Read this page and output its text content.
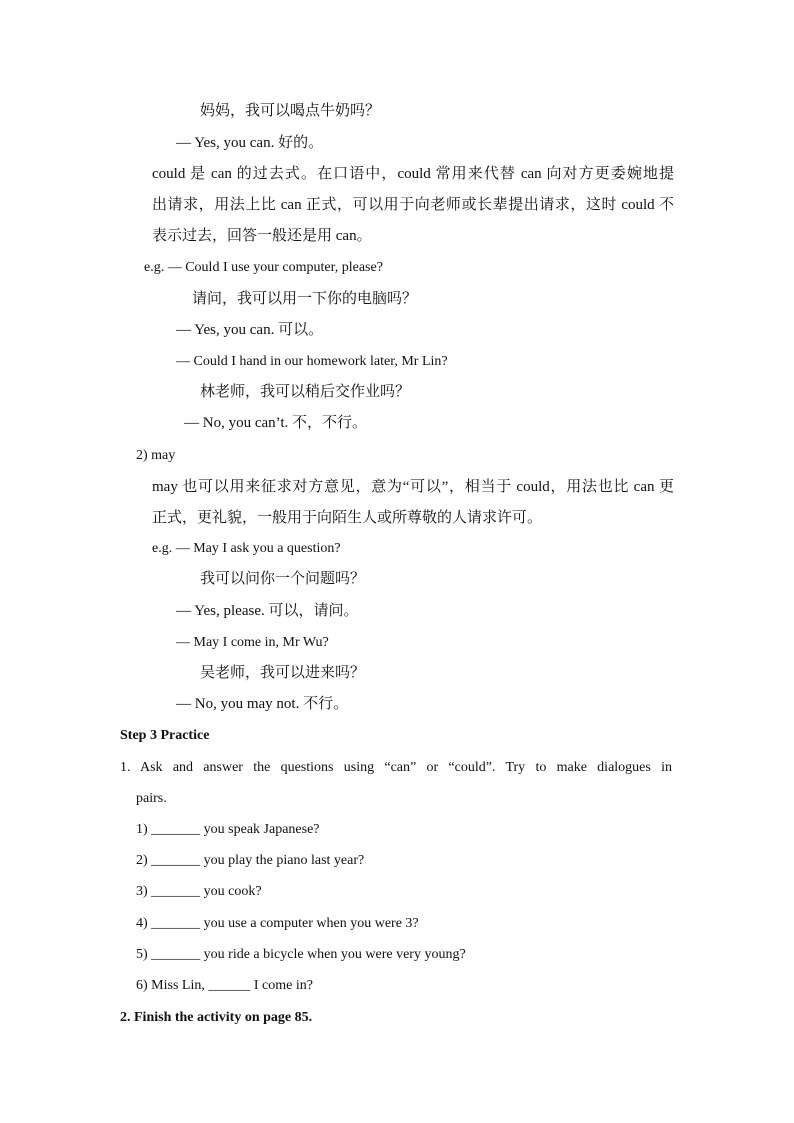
妈妈，我可以喝点牛奶吗？
— Yes, you can. 好的。
could 是 can 的过去式。在口语中，could 常用来代替 can 向对方更委婉地提
出请求，用法上比 can 正式，可以用于向老师或长辈提出请求，这时 could 不
表示过去，回答一般还是用 can。
e.g. — Could I use your computer, please?
请问，我可以用一下你的电脑吗？
— Yes, you can. 可以。
— Could I hand in our homework later, Mr Lin?
林老师，我可以稍后交作业吗？
— No, you can’t. 不，不行。
2) may
may 也可以用来征求对方意见，意为“可以”，相当于 could，用法也比 can 更
正式，更礼貌，一般用于向陌生人或所尊敬的人请求许可。
e.g. — May I ask you a question?
我可以问你一个问题吗？
— Yes, please. 可以，请问。
— May I come in, Mr Wu?
吴老师，我可以进来吗？
— No, you may not. 不行。
Step 3 Practice
1. Ask and answer the questions using “can” or “could”. Try to make dialogues in
pairs.
1) _______ you speak Japanese?
2) _______ you play the piano last year?
3) _______ you cook?
4) _______ you use a computer when you were 3?
5) _______ you ride a bicycle when you were very young?
6) Miss Lin, ______ I come in?
2. Finish the activity on page 85.
